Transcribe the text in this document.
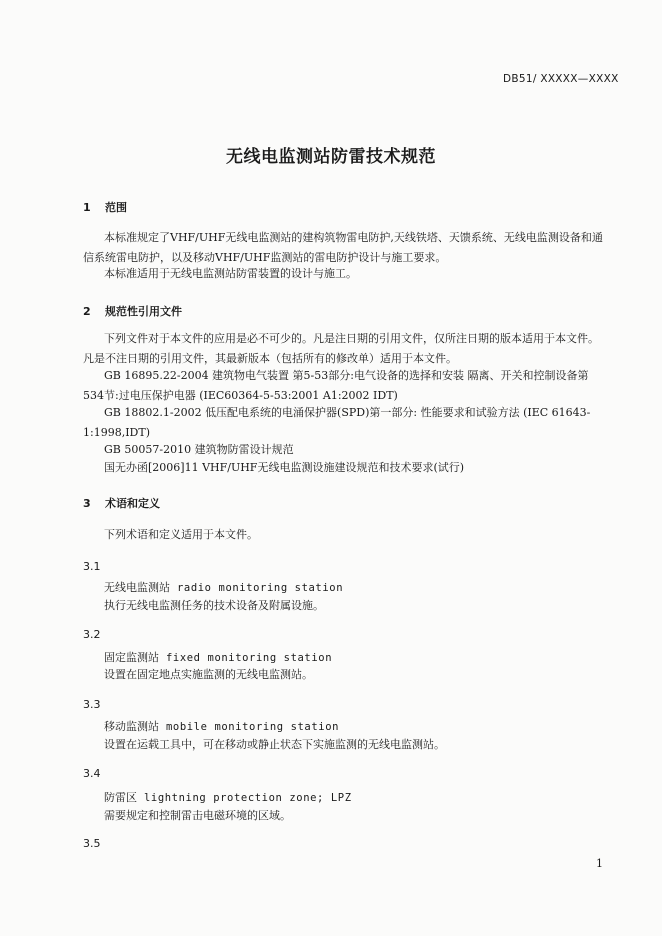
DB51/ XXXXX—XXXX
无线电监测站防雷技术规范
1 范围
本标准规定了VHF/UHF无线电监测站的建构筑物雷电防护,天线铁塔、天馈系统、无线电监测设备和通信系统雷电防护，以及移动VHF/UHF监测站的雷电防护设计与施工要求。
本标准适用于无线电监测站防雷装置的设计与施工。
2 规范性引用文件
下列文件对于本文件的应用是必不可少的。凡是注日期的引用文件，仅所注日期的版本适用于本文件。凡是不注日期的引用文件，其最新版本（包括所有的修改单）适用于本文件。
GB 16895.22-2004 建筑物电气装置 第5-53部分:电气设备的选择和安装 隔离、开关和控制设备第534节:过电压保护电器 (IEC60364-5-53:2001 A1:2002 IDT)
GB 18802.1-2002 低压配电系统的电涌保护器(SPD)第一部分: 性能要求和试验方法 (IEC 61643-1:1998,IDT)
GB 50057-2010 建筑物防雷设计规范
国无办函[2006]11 VHF/UHF无线电监测设施建设规范和技术要求(试行)
3 术语和定义
下列术语和定义适用于本文件。
3.1
无线电监测站 radio monitoring station
执行无线电监测任务的技术设备及附属设施。
3.2
固定监测站 fixed monitoring station
设置在固定地点实施监测的无线电监测站。
3.3
移动监测站 mobile monitoring station
设置在运载工具中，可在移动或静止状态下实施监测的无线电监测站。
3.4
防雷区 lightning protection zone; LPZ
需要规定和控制雷击电磁环境的区域。
3.5
1
